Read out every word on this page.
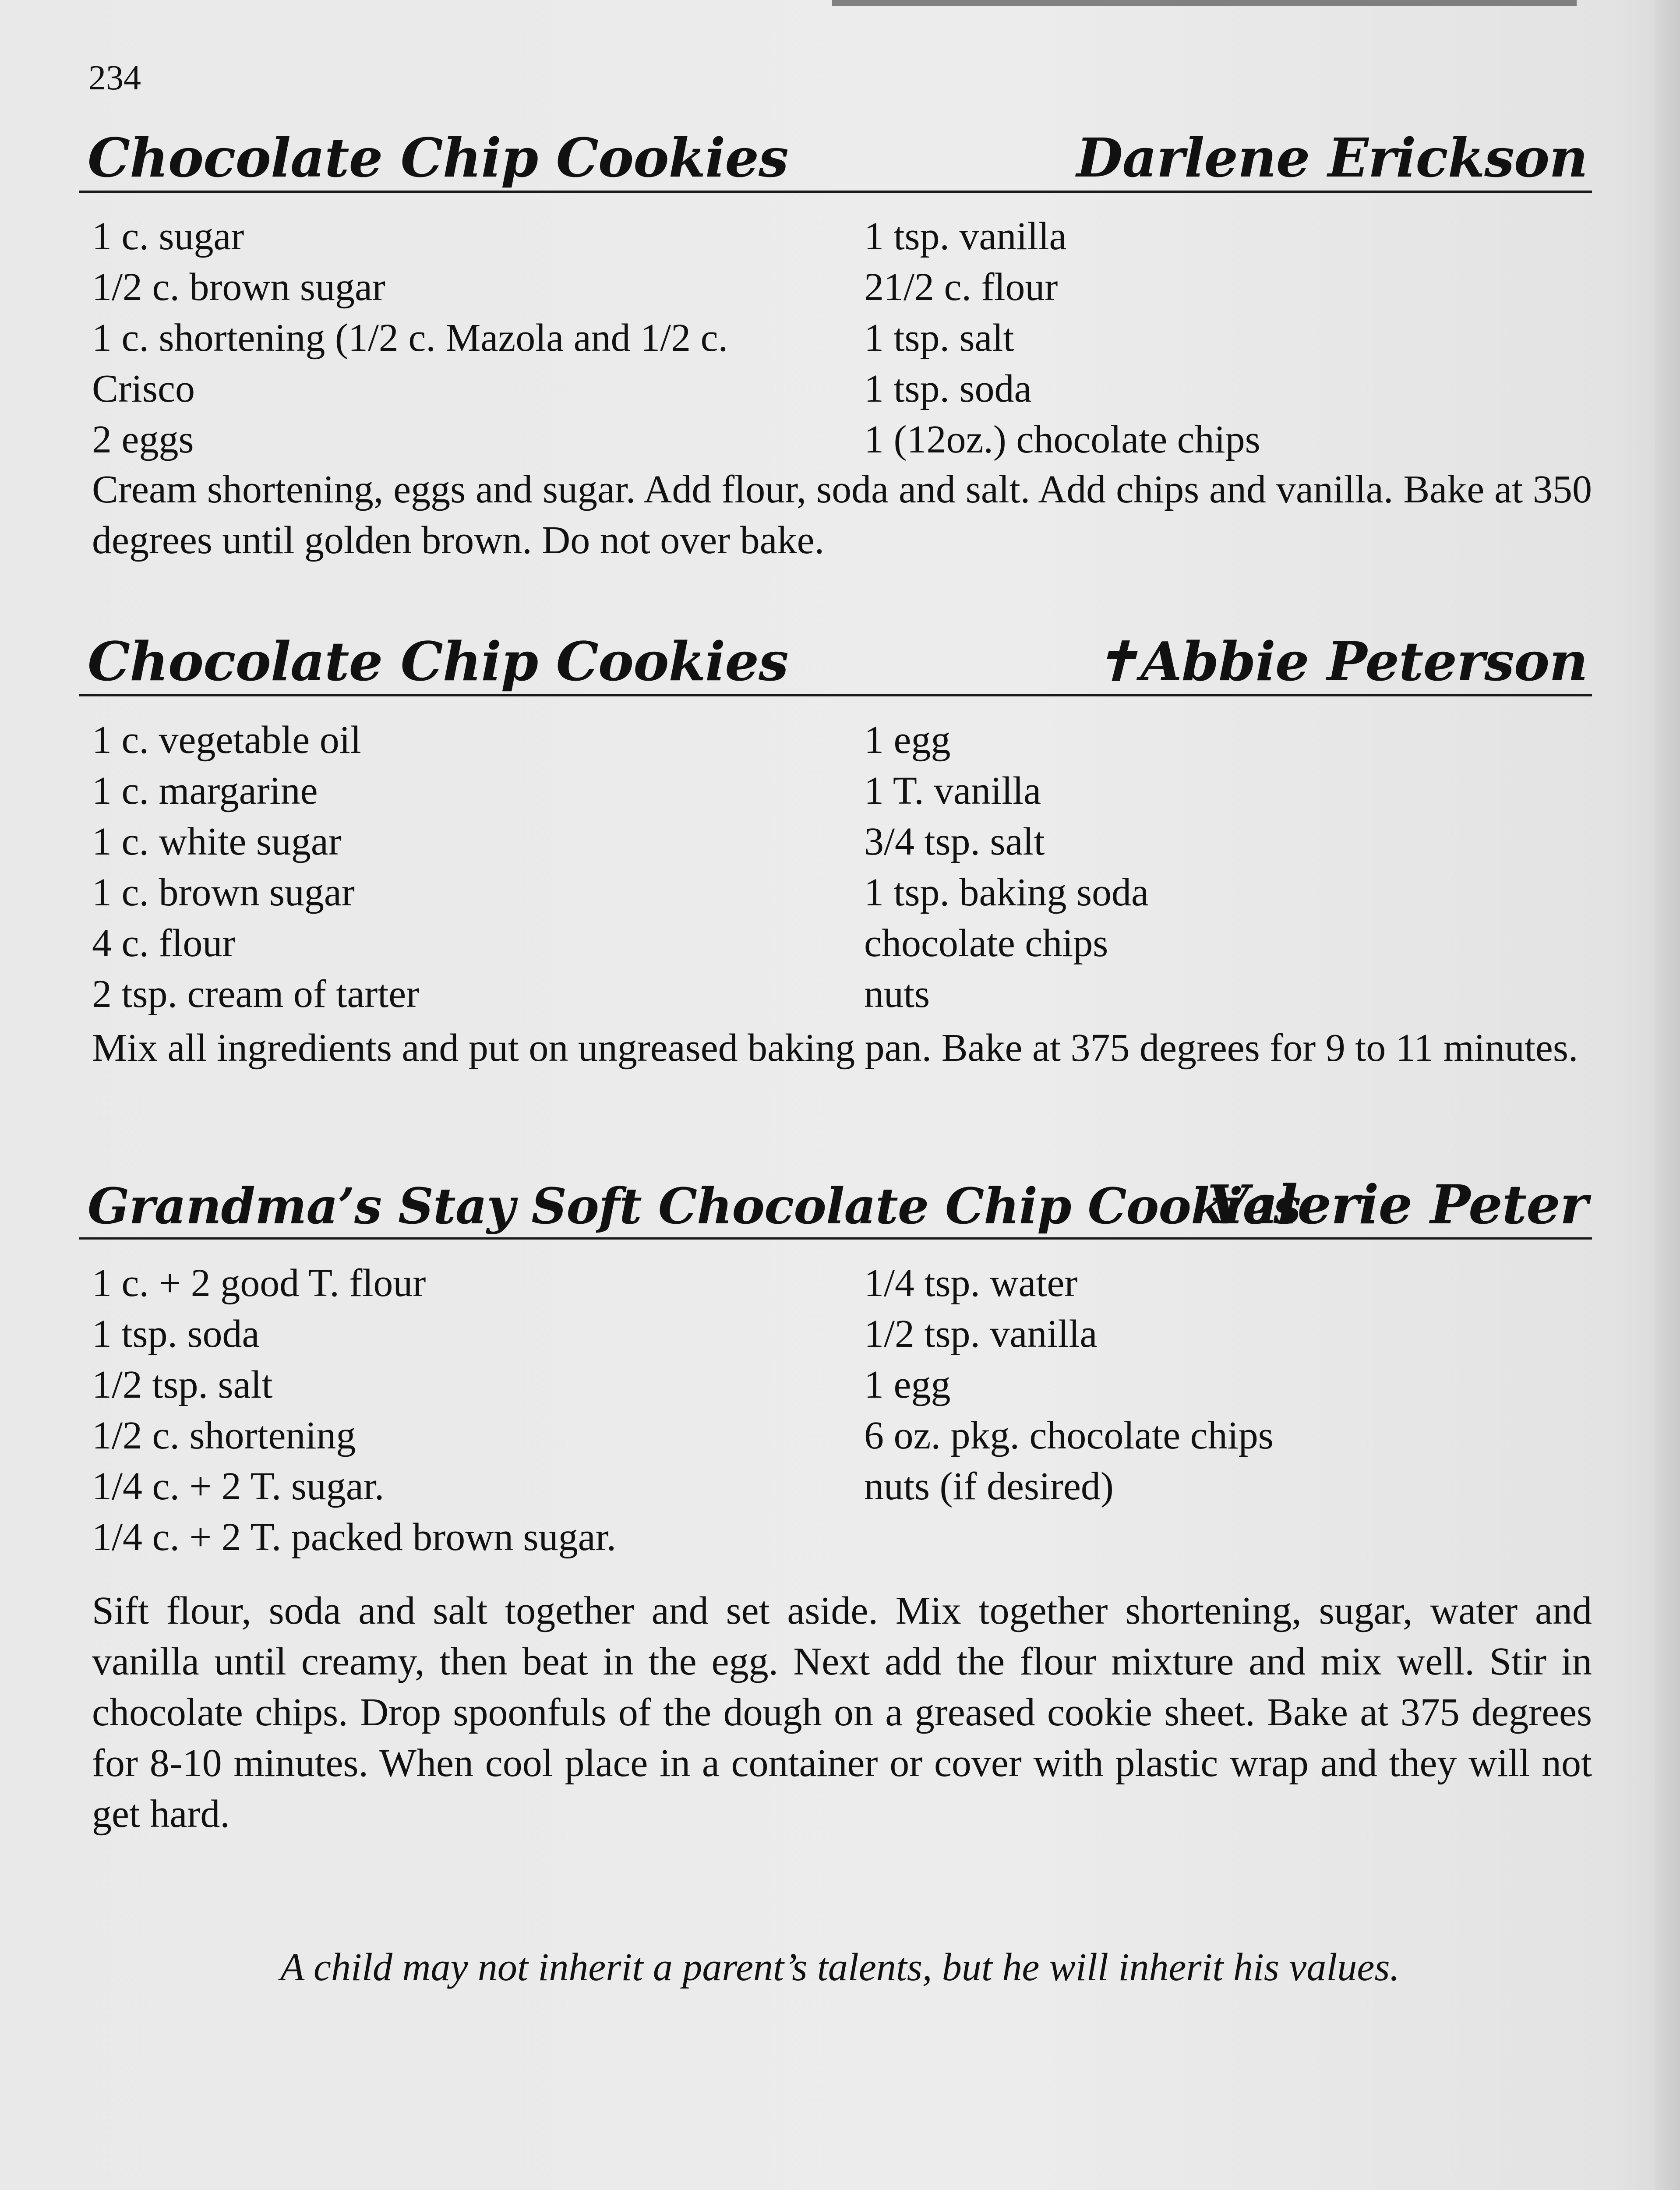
234
Chocolate Chip Cookies	Darlene Erickson
1 c. sugar
1/2 c. brown sugar
1 c. shortening (1/2 c. Mazola and 1/2 c.
Crisco
2 eggs
1 tsp. vanilla
21/2 c. flour
1 tsp. salt
1 tsp. soda
1 (12oz.) chocolate chips
Cream shortening, eggs and sugar. Add flour, soda and salt. Add chips and vanilla. Bake at 350 degrees until golden brown. Do not over bake.
Chocolate Chip Cookies	✝Abbie Peterson
1 c. vegetable oil
1 c. margarine
1 c. white sugar
1 c. brown sugar
4 c. flour
2 tsp. cream of tarter
1 egg
1 T. vanilla
3/4 tsp. salt
1 tsp. baking soda
chocolate chips
nuts
Mix all ingredients and put on ungreased baking pan. Bake at 375 degrees for 9 to 11 minutes.
Grandma’s Stay Soft Chocolate Chip Cookies
Valerie Peter
1 c. + 2 good T. flour
1 tsp. soda
1/2 tsp. salt
1/2 c. shortening
1/4 c. + 2 T. sugar.
1/4 c. + 2 T. packed brown sugar.
1/4 tsp. water
1/2 tsp. vanilla
1 egg
6 oz. pkg. chocolate chips
nuts (if desired)
Sift flour, soda and salt together and set aside. Mix together shortening, sugar, water and vanilla until creamy, then beat in the egg. Next add the flour mixture and mix well. Stir in chocolate chips. Drop spoonfuls of the dough on a greased cookie sheet. Bake at 375 degrees for 8-10 minutes. When cool place in a container or cover with plastic wrap and they will not get hard.
A child may not inherit a parent’s talents, but he will inherit his values.
